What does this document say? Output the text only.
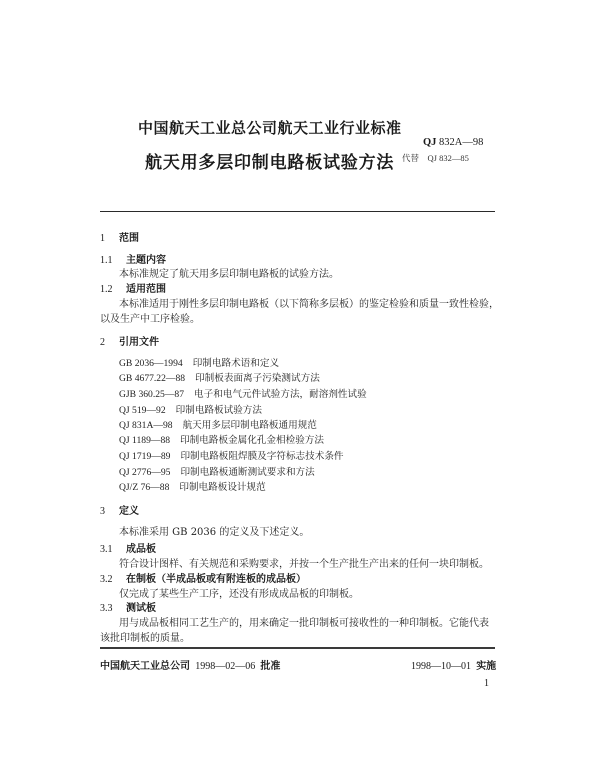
中国航天工业总公司航天工业行业标准
航天用多层印制电路板试验方法
QJ 832A—98
代替 QJ 832—85
1 范围
1.1 主题内容
本标准规定了航天用多层印制电路板的试验方法。
1.2 适用范围
本标准适用于刚性多层印制电路板（以下简称多层板）的鉴定检验和质量一致性检验，
以及生产中工序检验。
2 引用文件
GB 2036—1994 印制电路术语和定义
GB 4677.22—88 印制板表面离子污染测试方法
GJB 360.25—87 电子和电气元件试验方法，耐溶剂性试验
QJ 519—92 印制电路板试验方法
QJ 831A—98 航天用多层印制电路板通用规范
QJ 1189—88 印制电路板金属化孔金相检验方法
QJ 1719—89 印制电路板阻焊膜及字符标志技术条件
QJ 2776—95 印制电路板通断测试要求和方法
QJ/Z 76—88 印制电路板设计规范
3 定义
本标准采用 GB 2036 的定义及下述定义。
3.1 成品板
符合设计图样、有关规范和采购要求，并按一个生产批生产出来的任何一块印制板。
3.2 在制板（半成品板或有附连板的成品板）
仅完成了某些生产工序，还没有形成成品板的印制板。
3.3 测试板
用与成品板相同工艺生产的，用来确定一批印制板可接收性的一种印制板。它能代表
该批印制板的质量。
中国航天工业总公司 1998—02—06 批准	1998—10—01 实施
1
